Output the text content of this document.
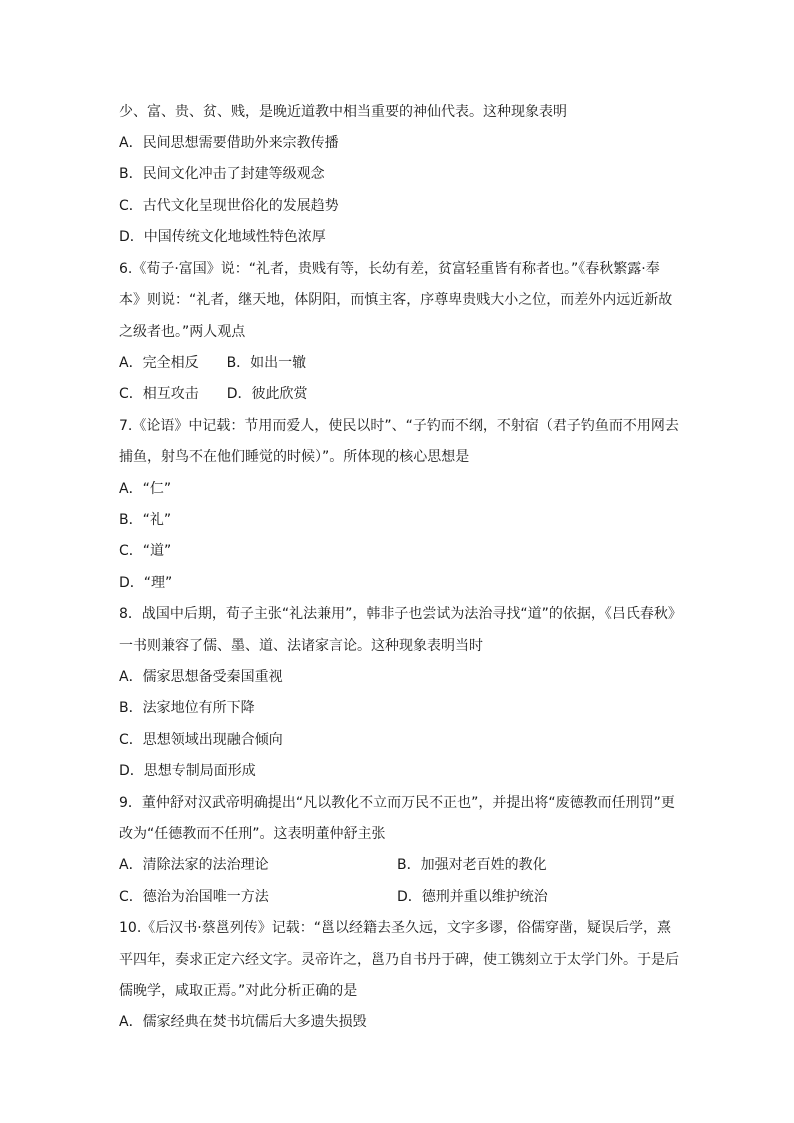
少、富、贵、贫、贱，是晚近道教中相当重要的神仙代表。这种现象表明
A．民间思想需要借助外来宗教传播
B．民间文化冲击了封建等级观念
C．古代文化呈现世俗化的发展趋势
D．中国传统文化地域性特色浓厚
6.《荀子·富国》说：“礼者，贵贱有等，长幼有差，贫富轻重皆有称者也。”《春秋繁露·奉
本》则说：“礼者，继天地，体阴阳，而慎主客，序尊卑贵贱大小之位，而差外内远近新故
之级者也。”两人观点
A．完全相反　　B．如出一辙
C．相互攻击　　D．彼此欣赏
7.《论语》中记载：节用而爱人，使民以时”、“子钓而不纲，不射宿（君子钓鱼而不用网去
捕鱼，射鸟不在他们睡觉的时候）”。所体现的核心思想是
A．“仁”
B．“礼”
C．“道”
D．“理”
8．战国中后期，荀子主张“礼法兼用”，韩非子也尝试为法治寻找“道”的依据，《吕氏春秋》
一书则兼容了儒、墨、道、法诸家言论。这种现象表明当时
A．儒家思想备受秦国重视
B．法家地位有所下降
C．思想领域出现融合倾向
D．思想专制局面形成
9．董仲舒对汉武帝明确提出“凡以教化不立而万民不正也”，并提出将“废德教而任刑罚”更
改为“任德教而不任刑”。这表明董仲舒主张
A．清除法家的法治理论	B．加强对老百姓的教化
C．德治为治国唯一方法	D．德刑并重以维护统治
10.《后汉书·蔡邕列传》记载：“邕以经籍去圣久远，文字多谬，俗儒穿凿，疑误后学，熹
平四年，奏求正定六经文字。灵帝许之，邕乃自书丹于碑，使工镌刻立于太学门外。于是后
儒晚学，咸取正焉。”对此分析正确的是
A．儒家经典在焚书坑儒后大多遗失损毁
